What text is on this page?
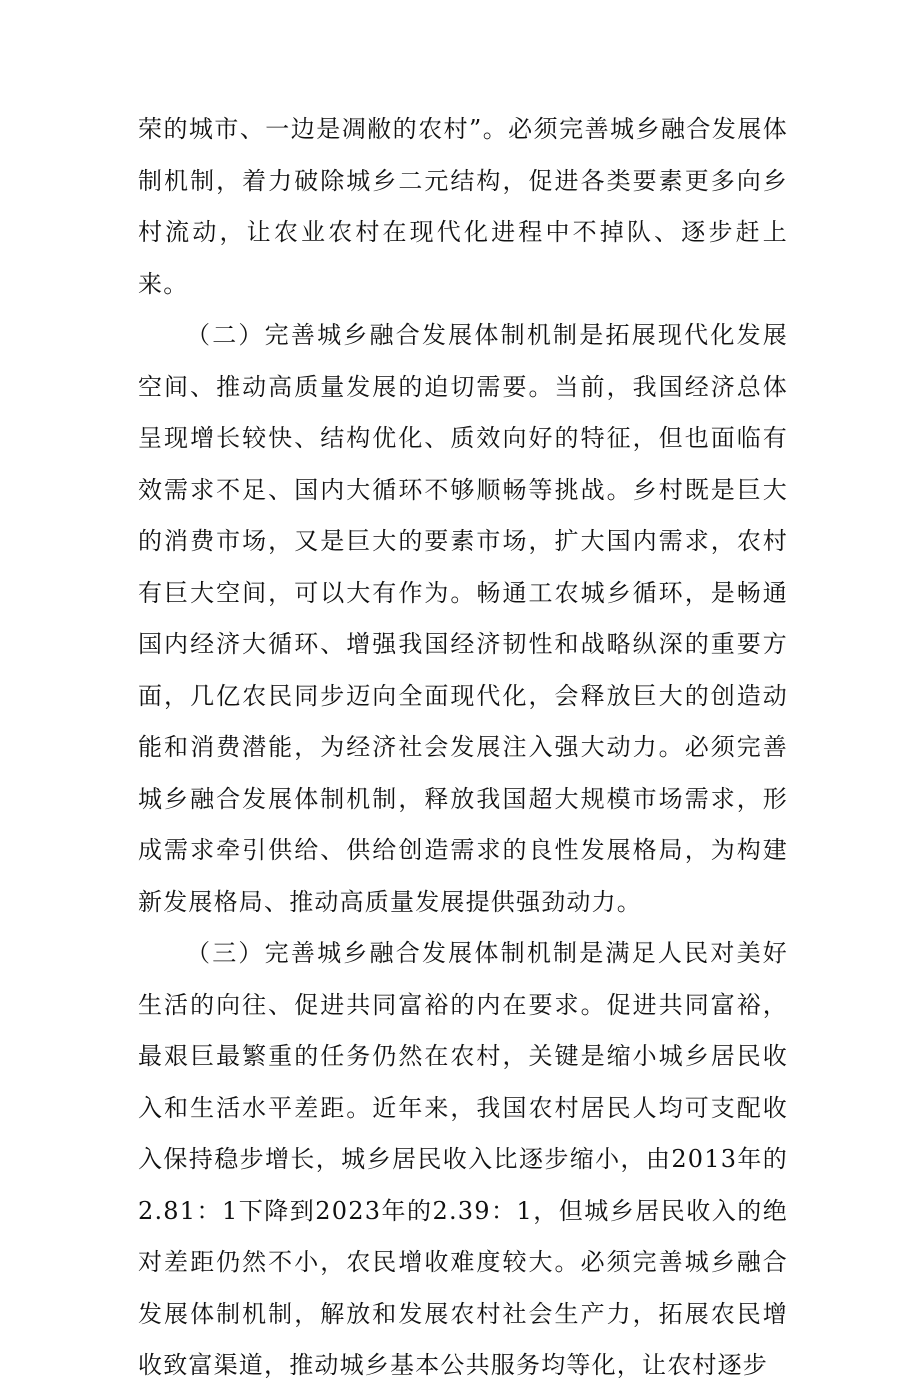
荣的城市、一边是凋敝的农村”。必须完善城乡融合发展体制机制，着力破除城乡二元结构，促进各类要素更多向乡村流动，让农业农村在现代化进程中不掉队、逐步赶上来。

（二）完善城乡融合发展体制机制是拓展现代化发展空间、推动高质量发展的迫切需要。当前，我国经济总体呈现增长较快、结构优化、质效向好的特征，但也面临有效需求不足、国内大循环不够顺畅等挑战。乡村既是巨大的消费市场，又是巨大的要素市场，扩大国内需求，农村有巨大空间，可以大有作为。畅通工农城乡循环，是畅通国内经济大循环、增强我国经济韧性和战略纵深的重要方面，几亿农民同步迈向全面现代化，会释放巨大的创造动能和消费潜能，为经济社会发展注入强大动力。必须完善城乡融合发展体制机制，释放我国超大规模市场需求，形成需求牵引供给、供给创造需求的良性发展格局，为构建新发展格局、推动高质量发展提供强劲动力。

（三）完善城乡融合发展体制机制是满足人民对美好生活的向往、促进共同富裕的内在要求。促进共同富裕，最艰巨最繁重的任务仍然在农村，关键是缩小城乡居民收入和生活水平差距。近年来，我国农村居民人均可支配收入保持稳步增长，城乡居民收入比逐步缩小，由2013年的2.81：1下降到2023年的2.39：1，但城乡居民收入的绝对差距仍然不小，农民增收难度较大。必须完善城乡融合发展体制机制，解放和发展农村社会生产力，拓展农民增收致富渠道，推动城乡基本公共服务均等化，让农村逐步
